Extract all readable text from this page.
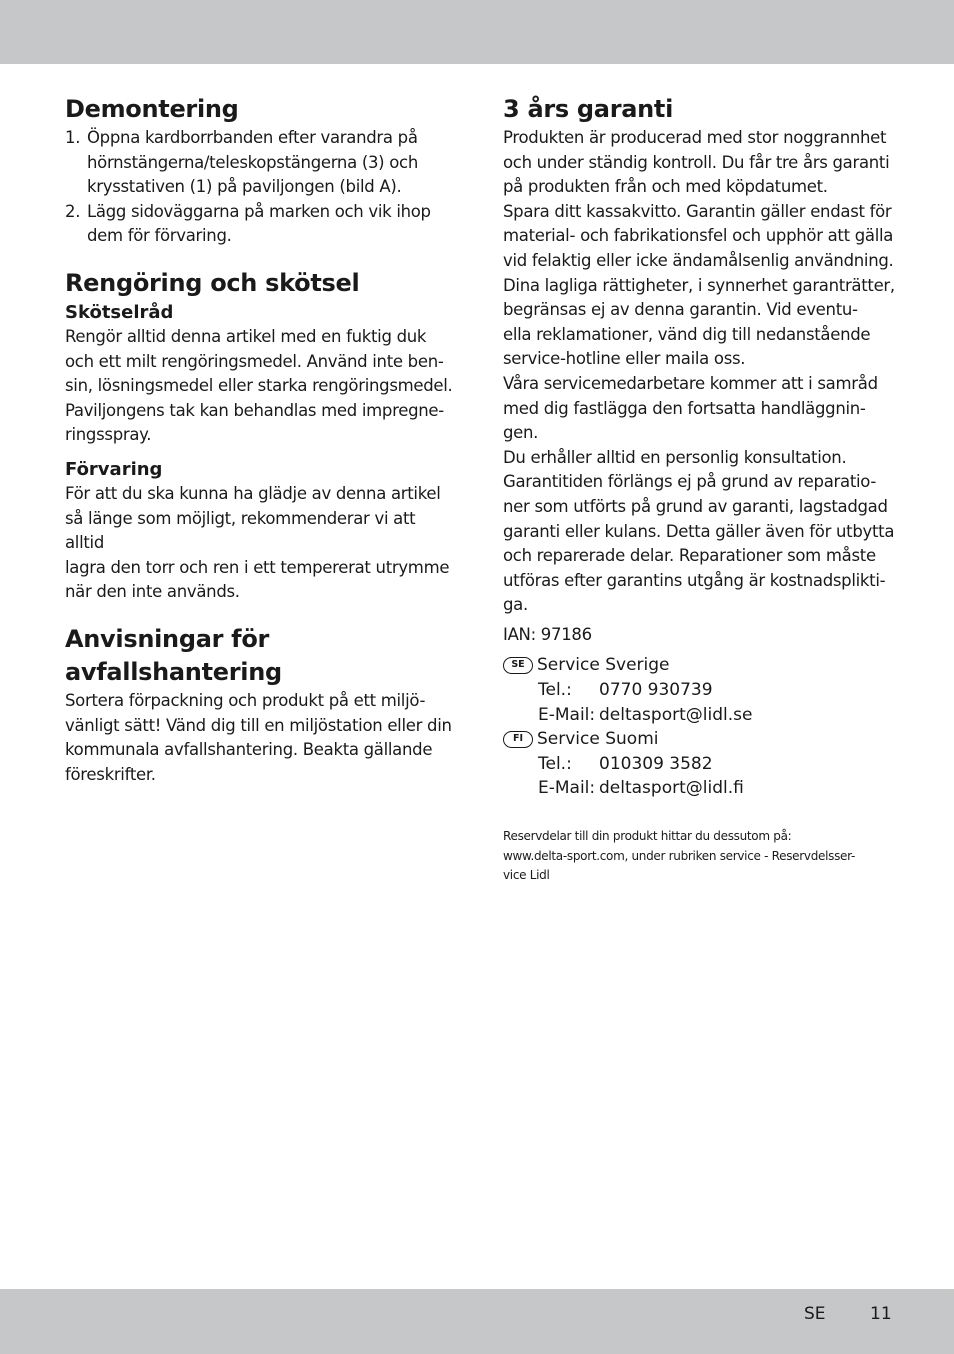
Demontering
1. Öppna kardborrbanden efter varandra på
hörnstängerna/teleskopstängerna (3) och
krysstativen (1) på paviljongen (bild A).
2. Lägg sidoväggarna på marken och vik ihop
dem för förvaring.
Rengöring och skötsel
Skötselråd

Rengör alltid denna artikel med en fuktig duk
och ett milt rengöringsmedel. Använd inte ben-
sin, lösningsmedel eller starka rengöringsmedel.
Paviljongens tak kan behandlas med impregne-
ringsspray.

Förvaring

För att du ska kunna ha glädje av denna artikel
så länge som möjligt, rekommenderar vi att alltid
lagra den torr och ren i ett tempererat utrymme
när den inte används.

Anvisningar för
avfallshantering

Sortera förpackning och produkt på ett miljö-
vänligt sätt! Vänd dig till en miljöstation eller din
kommunala avfallshantering. Beakta gällande
föreskrifter.

3 års garanti

Produkten är producerad med stor noggrannhet
och under ständig kontroll. Du får tre års garanti
på produkten från och med köpdatumet.
Spara ditt kassakvitto. Garantin gäller endast för
material- och fabrikationsfel och upphör att gälla
vid felaktig eller icke ändamålsenlig användning.
Dina lagliga rättigheter, i synnerhet garanträtter,
begränsas ej av denna garantin. Vid eventu-
ella reklamationer, vänd dig till nedanstående
service-hotline eller maila oss.
Våra servicemedarbetare kommer att i samråd
med dig fastlägga den fortsatta handläggnin-
gen.
Du erhåller alltid en personlig konsultation.
Garantitiden förlängs ej på grund av reparatio-
ner som utförts på grund av garanti, lagstadgad
garanti eller kulans. Detta gäller även för utbytta
och reparerade delar. Reparationer som måste
utföras efter garantins utgång är kostnadsplikti-
ga.

IAN: 97186

SE Service Sverige
Tel.:	0770 930739
E-Mail: deltasport@lidl.se
FI Service Suomi
Tel.:	010309 3582
E-Mail: deltasport@lidl.fi

Reservdelar till din produkt hittar du dessutom på:
www.delta-sport.com, under rubriken service - Reservdelsser-
vice Lidl

SE	11
